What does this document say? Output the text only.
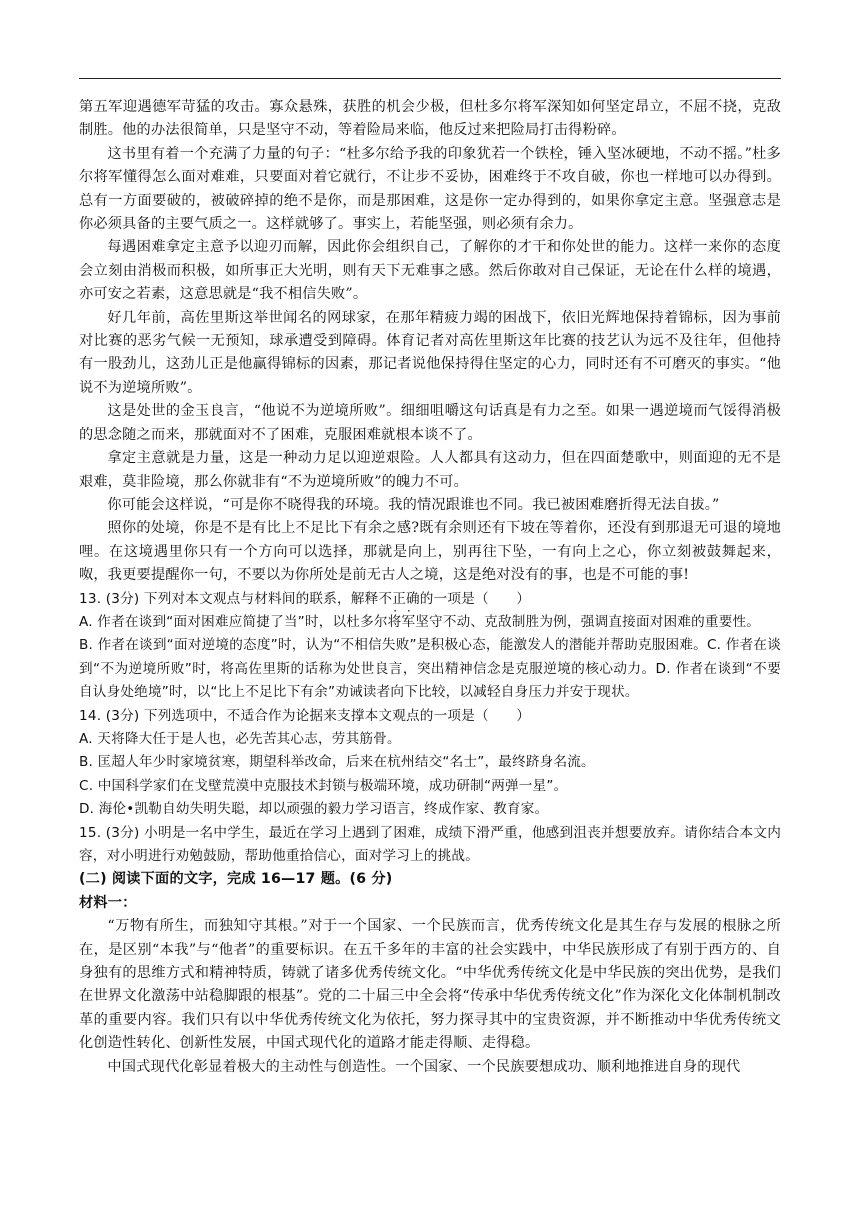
第五军迎遇德军苛猛的攻击。寡众悬殊，获胜的机会少极，但杜多尔将军深知如何坚定昂立，不屈不挠，克敌制胜。他的办法很简单，只是坚守不动，等着险局来临，他反过来把险局打击得粉碎。

这书里有着一个充满了力量的句子：“杜多尔给予我的印象犹若一个铁栓，锤入坚冰硬地，不动不摇。”杜多尔将军懂得怎么面对难难，只要面对着它就行，不让步不妥协，困难终于不攻自破，你也一样地可以办得到。总有一方面要破的，被破碎掉的绝不是你，而是那困难，这是你一定办得到的，如果你拿定主意。坚强意志是你必须具备的主要气质之一。这样就够了。事实上，若能坚强，则必须有余力。

每遇困难拿定主意予以迎刃而解，因此你会组织自己，了解你的才干和你处世的能力。这样一来你的态度会立刻由消极而积极，如所事正大光明，则有天下无难事之感。然后你敢对自己保证，无论在什么样的境遇，亦可安之若素，这意思就是“我不相信失败”。

好几年前，高佐里斯这举世闻名的网球家，在那年精疲力竭的困战下，依旧光辉地保持着锦标，因为事前对比赛的恶劣气候一无预知，球承遭受到障碍。体育记者对高佐里斯这年比赛的技艺认为远不及往年，但他持有一股劲儿，这劲儿正是他赢得锦标的因素，那记者说他保持得住坚定的心力，同时还有不可磨灭的事实。“他说不为逆境所败”。

这是处世的金玉良言，“他说不为逆境所败”。细细咀嚼这句话真是有力之至。如果一遇逆境而气馁得消极的思念随之而来，那就面对不了困难，克服困难就根本谈不了。

拿定主意就是力量，这是一种动力足以迎逆艰险。人人都具有这动力，但在四面楚歌中，则面迎的无不是艰难，莫非险境，那么你就非有“不为逆境所败”的魄力不可。

你可能会这样说，“可是你不晓得我的环境。我的情况跟谁也不同。我已被困难磨折得无法自拔。”

照你的处境，你是不是有比上不足比下有余之感?既有余则还有下坡在等着你，还没有到那退无可退的境地哩。在这境遇里你只有一个方向可以选择，那就是向上，别再往下坠，一有向上之心，你立刻被鼓舞起来，呶，我更要提醒你一句，不要以为你所处是前无古人之境，这是绝对没有的事，也是不可能的事!

13. (3分) 下列对本文观点与材料间的联系，解释不正确 · ·的一项是（　　）

A. 作者在谈到“面对困难应简捷了当”时，以杜多尔将军坚守不动、克敌制胜为例，强调直接面对困难的重要性。

B. 作者在谈到“面对逆境的态度”时，认为“不相信失败”是积极心态，能激发人的潜能并帮助克服困难。C. 作者在谈到“不为逆境所败”时，将高佐里斯的话称为处世良言，突出精神信念是克服逆境的核心动力。D. 作者在谈到“不要自认身处绝境”时，以“比上不足比下有余”劝诫读者向下比较，以减轻自身压力并安于现状。

14. (3分) 下列选项中，不适合作为论据来支撑本文观点的一项是（　　）

A. 天将降大任于是人也，必先苦其心志，劳其筋骨。

B. 匡超人年少时家境贫寒，期望科举改命，后来在杭州结交“名士”，最终跻身名流。

C. 中国科学家们在戈壁荒漠中克服技术封锁与极端环境，成功研制“两弹一星”。

D. 海伦•凯勒自幼失明失聪，却以顽强的毅力学习语言，终成作家、教育家。

15. (3分) 小明是一名中学生，最近在学习上遇到了困难，成绩下滑严重，他感到沮丧并想要放弃。请你结合本文内容，对小明进行劝勉鼓励，帮助他重拾信心，面对学习上的挑战。

(二) 阅读下面的文字，完成 16—17 题。(6 分)

材料一：

“万物有所生，而独知守其根。”对于一个国家、一个民族而言，优秀传统文化是其生存与发展的根脉之所在，是区别“本我”与“他者”的重要标识。在五千多年的丰富的社会实践中，中华民族形成了有别于西方的、自身独有的思维方式和精神特质，铸就了诸多优秀传统文化。“中华优秀传统文化是中华民族的突出优势，是我们在世界文化激荡中站稳脚跟的根基”。党的二十届三中全会将“传承中华优秀传统文化”作为深化文化体制机制改革的重要内容。我们只有以中华优秀传统文化为依托，努力探寻其中的宝贵资源，并不断推动中华优秀传统文化创造性转化、创新性发展，中国式现代化的道路才能走得顺、走得稳。

中国式现代化彰显着极大的主动性与创造性。一个国家、一个民族要想成功、顺利地推进自身的现代
